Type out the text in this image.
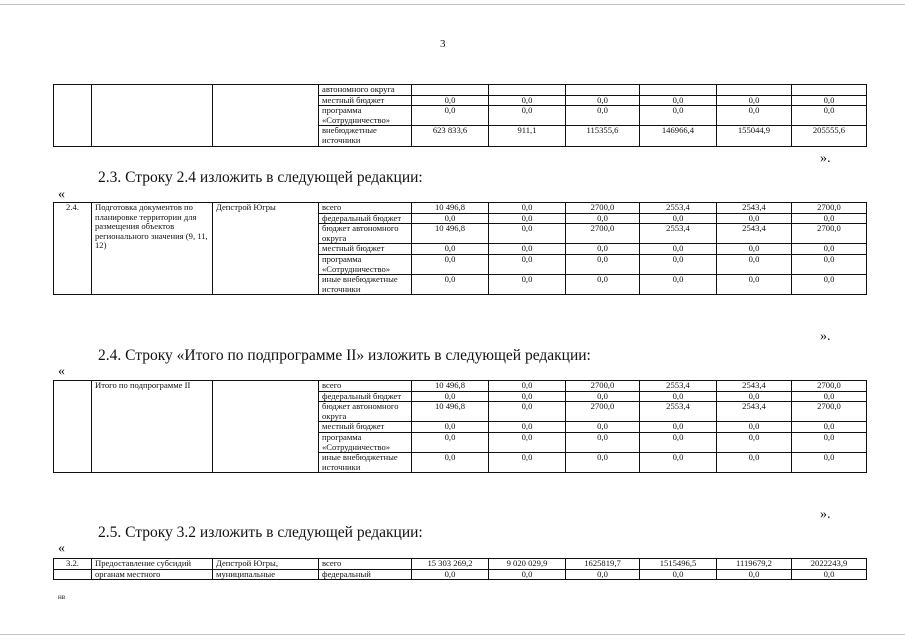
3
			автономного округа						
			местный бюджет	0,0	0,0	0,0	0,0	0,0	0,0
			программа «Сотрудничество»	0,0	0,0	0,0	0,0	0,0	0,0
			внебюджетные источники	623 833,6	911,1	115355,6	146966,4	155044,9	205555,6
».
2.3. Строку 2.4 изложить в следующей редакции:
«
2.4.	Подготовка документов по планировке территории для размещения объектов регионального значения (9, 11, 12)	Депстрой Югры	всего	10 496,8	0,0	2700,0	2553,4	2543,4	2700,0
			федеральный бюджет	0,0	0,0	0,0	0,0	0,0	0,0
			бюджет автономного округа	10 496,8	0,0	2700,0	2553,4	2543,4	2700,0
			местный бюджет	0,0	0,0	0,0	0,0	0,0	0,0
			программа «Сотрудничество»	0,0	0,0	0,0	0,0	0,0	0,0
			иные внебюджетные источники	0,0	0,0	0,0	0,0	0,0	0,0
».
2.4. Строку «Итого по подпрограмме II» изложить в следующей редакции:
«
	Итого по подпрограмме II		всего	10 496,8	0,0	2700,0	2553,4	2543,4	2700,0
			федеральный бюджет	0,0	0,0	0,0	0,0	0,0	0,0
			бюджет автономного округа	10 496,8	0,0	2700,0	2553,4	2543,4	2700,0
			местный бюджет	0,0	0,0	0,0	0,0	0,0	0,0
			программа «Сотрудничество»	0,0	0,0	0,0	0,0	0,0	0,0
			иные внебюджетные источники	0,0	0,0	0,0	0,0	0,0	0,0
».
2.5. Строку 3.2 изложить в следующей редакции:
«
3.2.	Предоставление субсидий	Депстрой Югры,	всего	15 303 269,2	9 020 029,9	1625819,7	1515496,5	1119679,2	2022243,9
	органам местного	муниципальные	федеральный	0,0	0,0	0,0	0,0	0,0	0,0
нв
